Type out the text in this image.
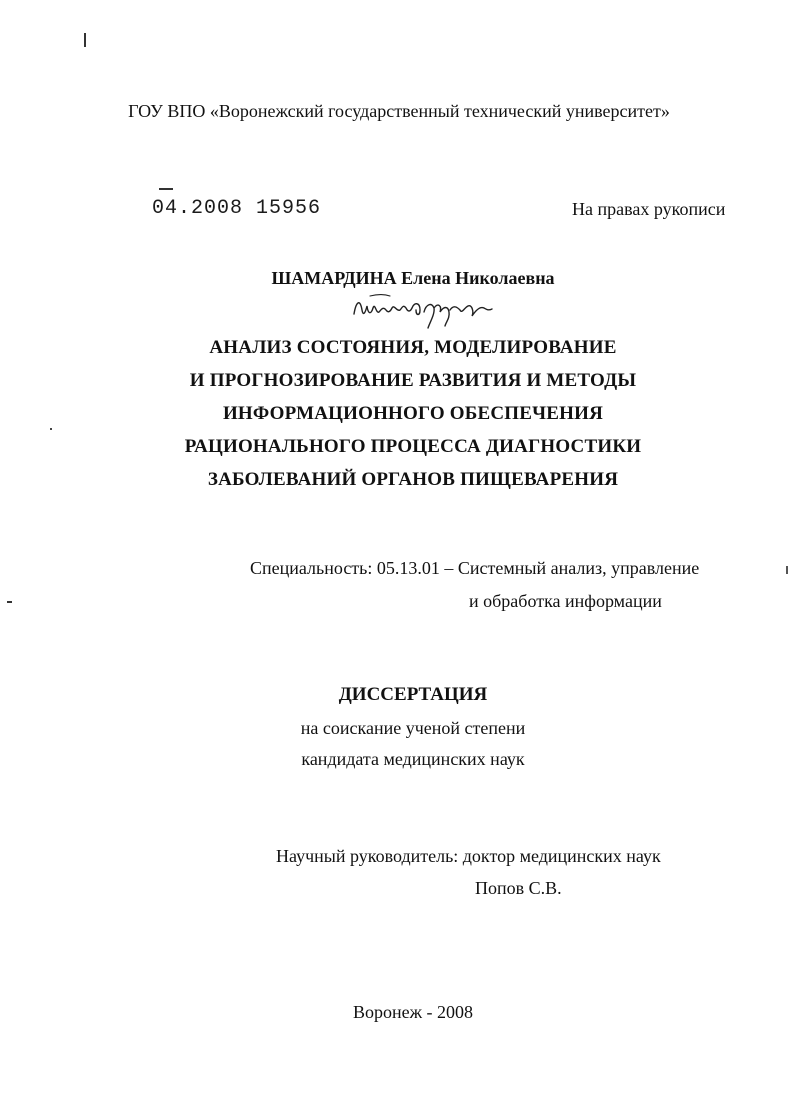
ГОУ ВПО «Воронежский государственный технический университет»
04.2008 15956	На правах рукописи
ШАМАРДИНА Елена Николаевна
АНАЛИЗ СОСТОЯНИЯ, МОДЕЛИРОВАНИЕ
И ПРОГНОЗИРОВАНИЕ РАЗВИТИЯ И МЕТОДЫ
ИНФОРМАЦИОННОГО ОБЕСПЕЧЕНИЯ
РАЦИОНАЛЬНОГО ПРОЦЕССА ДИАГНОСТИКИ
ЗАБОЛЕВАНИЙ ОРГАНОВ ПИЩЕВАРЕНИЯ
Специальность: 05.13.01 – Системный анализ, управление
и обработка информации
ДИССЕРТАЦИЯ
на соискание ученой степени
кандидата медицинских наук
Научный руководитель: доктор медицинских наук
Попов С.В.
Воронеж - 2008
